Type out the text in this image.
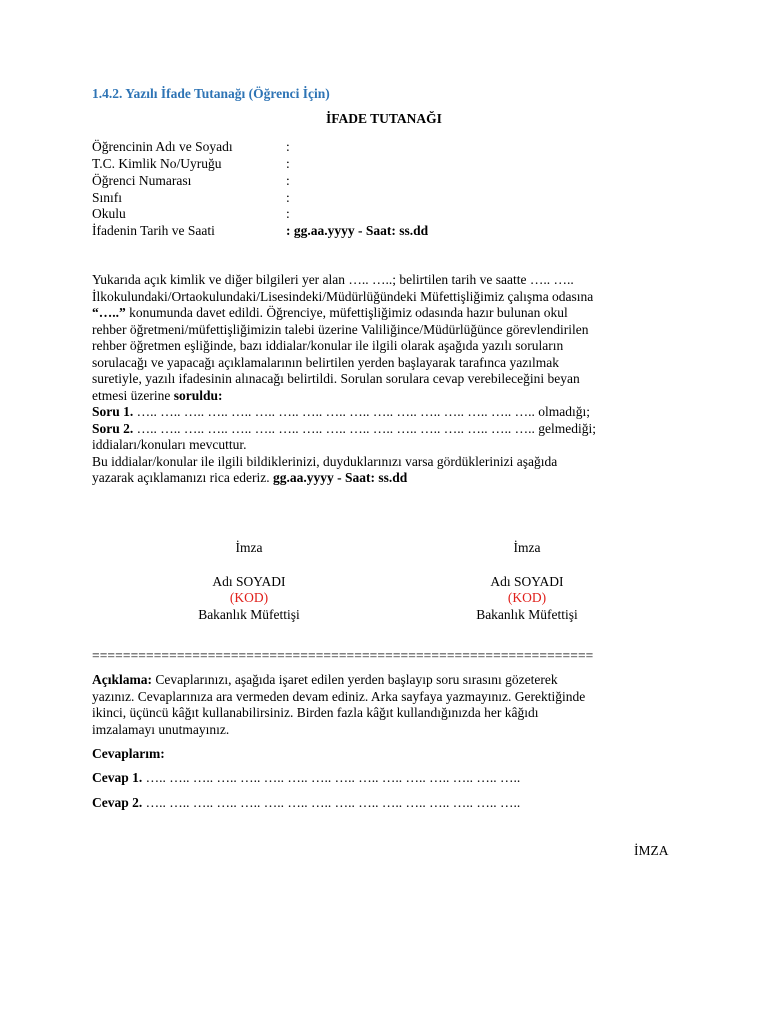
1.4.2. Yazılı İfade Tutanağı (Öğrenci İçin)
İFADE TUTANAĞI
Öğrencinin Adı ve Soyadı	:
T.C. Kimlik No/Uyruğu	:
Öğrenci Numarası	:
Sınıfı	:
Okulu	:
İfadenin Tarih ve Saati	: gg.aa.yyyy - Saat: ss.dd
Yukarıda açık kimlik ve diğer bilgileri yer alan ….. …..; belirtilen tarih ve saatte ….. …..
İlkokulundaki/Ortaokulundaki/Lisesindeki/Müdürlüğündeki Müfettişliğimiz çalışma odasına
“…..” konumunda davet edildi. Öğrenciye, müfettişliğimiz odasında hazır bulunan okul
rehber öğretmeni/müfettişliğimizin talebi üzerine Valiliğince/Müdürlüğünce görevlendirilen
rehber öğretmen eşliğinde, bazı iddialar/konular ile ilgili olarak aşağıda yazılı soruların
sorulacağı ve yapacağı açıklamalarının belirtilen yerden başlayarak tarafınca yazılmak
suretiyle, yazılı ifadesinin alınacağı belirtildi. Sorulan sorulara cevap verebileceğini beyan
etmesi üzerine soruldu:
Soru 1. ….. ….. ….. ….. ….. ….. ….. ….. ….. ….. ….. ….. ….. ….. ….. ….. ….. olmadığı;
Soru 2. ….. ….. ….. ….. ….. ….. ….. ….. ….. ….. ….. ….. ….. ….. ….. ….. ….. gelmediği;
iddiaları/konuları mevcuttur.
Bu iddialar/konular ile ilgili bildiklerinizi, duyduklarınızı varsa gördüklerinizi aşağıda
yazarak açıklamanızı rica ederiz. gg.aa.yyyy - Saat: ss.dd
İmza
Adı SOYADI
(KOD)
Bakanlık Müfettişi
İmza
Adı SOYADI
(KOD)
Bakanlık Müfettişi
=================================================================
Açıklama: Cevaplarınızı, aşağıda işaret edilen yerden başlayıp soru sırasını gözeterek
yazınız. Cevaplarınıza ara vermeden devam ediniz. Arka sayfaya yazmayınız. Gerektiğinde
ikinci, üçüncü kâğıt kullanabilirsiniz. Birden fazla kâğıt kullandığınızda her kâğıdı
imzalamayı unutmayınız.
Cevaplarım:
Cevap 1. ….. ….. ….. ….. ….. ….. ….. ….. ….. ….. ….. ….. ….. ….. ….. …..
Cevap 2. ….. ….. ….. ….. ….. ….. ….. ….. ….. ….. ….. ….. ….. ….. ….. …..
İMZA
